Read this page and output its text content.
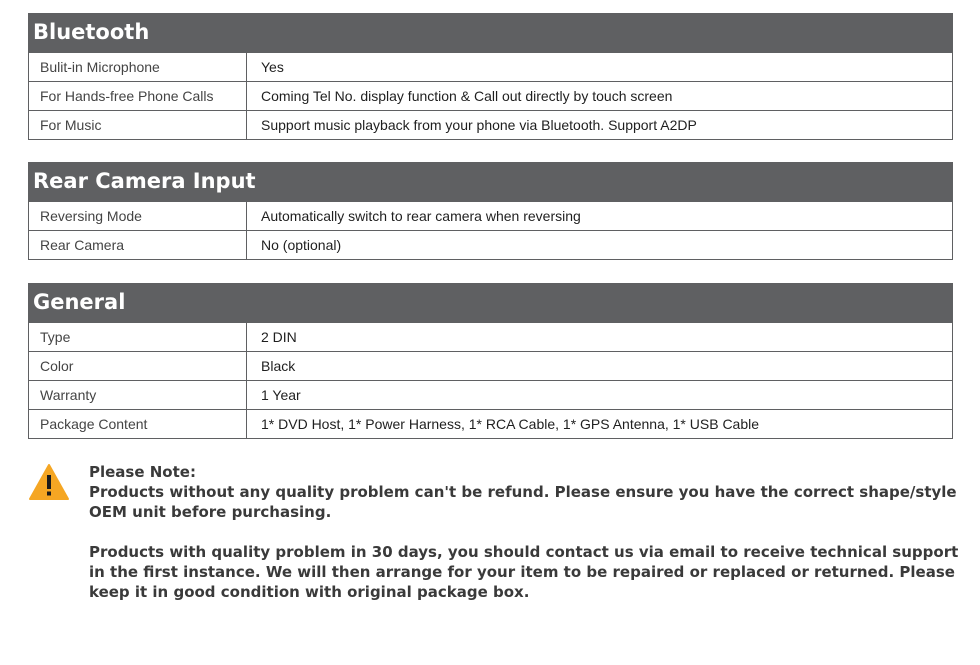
Bluetooth
Bulit-in Microphone	Yes
For Hands-free Phone Calls	Coming Tel No. display function & Call out directly by touch screen
For Music	Support music playback from your phone via Bluetooth. Support A2DP
Rear Camera Input
Reversing Mode	Automatically switch to rear camera when reversing
Rear Camera	No (optional)
General
Type	2 DIN
Color	Black
Warranty	1 Year
Package Content	1* DVD Host, 1* Power Harness, 1* RCA Cable, 1* GPS Antenna, 1* USB Cable

Please Note:

Products without any quality problem can't be refund. Please ensure you have the correct shape/style OEM unit before purchasing.

Products with quality problem in 30 days, you should contact us via email to receive technical support in the first instance. We will then arrange for your item to be repaired or replaced or returned. Please keep it in good condition with original package box.
